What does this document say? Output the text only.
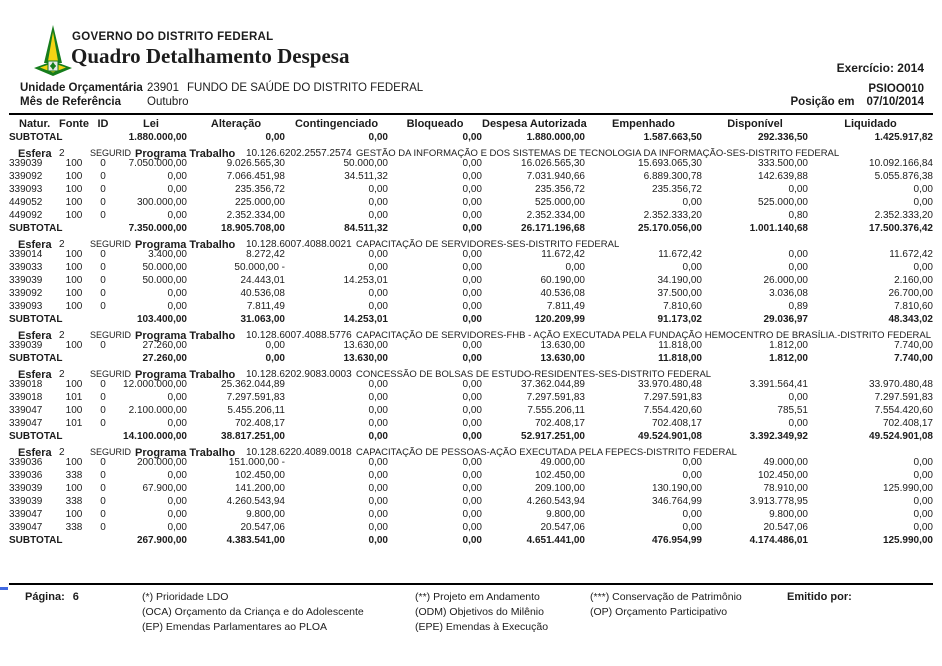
GOVERNO DO DISTRITO FEDERAL
Quadro Detalhamento Despesa	Exercício: 2014
PSIOO010
Posição em 07/10/2014
Unidade Orçamentária 23901 FUNDO DE SAÚDE DO DISTRITO FEDERAL
Mês de Referência Outubro
Natur.	Fonte	ID	Lei	Alteração	Contingenciado	Bloqueado	Despesa Autorizada	Empenhado	Disponível	Liquidado
SUBTOTAL			1.880.000,00	0,00	0,00	0,00	1.880.000,00	1.587.663,50	292.336,50	1.425.917,82

Esfera 2	SEGURID Programa Trabalho 10.126.6202.2557.2574 GESTÃO DA INFORMAÇÃO E DOS SISTEMAS DE TECNOLOGIA DA INFORMAÇÃO-SES-DISTRITO FEDERAL

339039	100	0	7.050.000,00	9.026.565,30	50.000,00	0,00	16.026.565,30	15.693.065,30	333.500,00	10.092.166,84
339092	100	0	0,00	7.066.451,98	34.511,32	0,00	7.031.940,66	6.889.300,78	142.639,88	5.055.876,38
339093	100	0	0,00	235.356,72	0,00	0,00	235.356,72	235.356,72	0,00	0,00
449052	100	0	300.000,00	225.000,00	0,00	0,00	525.000,00	0,00	525.000,00	0,00
449092	100	0	0,00	2.352.334,00	0,00	0,00	2.352.334,00	2.352.333,20	0,80	2.352.333,20
SUBTOTAL			7.350.000,00	18.905.708,00	84.511,32	0,00	26.171.196,68	25.170.056,00	1.001.140,68	17.500.376,42

Esfera 2	SEGURID Programa Trabalho 10.128.6007.4088.0021 CAPACITAÇÃO DE SERVIDORES-SES-DISTRITO FEDERAL

339014	100	0	3.400,00	8.272,42	0,00	0,00	11.672,42	11.672,42	0,00	11.672,42
339033	100	0	50.000,00	50.000,00 -	0,00	0,00	0,00	0,00	0,00	0,00
339039	100	0	50.000,00	24.443,01	14.253,01	0,00	60.190,00	34.190,00	26.000,00	2.160,00
339092	100	0	0,00	40.536,08	0,00	0,00	40.536,08	37.500,00	3.036,08	26.700,00
339093	100	0	0,00	7.811,49	0,00	0,00	7.811,49	7.810,60	0,89	7.810,60
SUBTOTAL			103.400,00	31.063,00	14.253,01	0,00	120.209,99	91.173,02	29.036,97	48.343,02

Esfera 2	SEGURID Programa Trabalho 10.128.6007.4088.5776 CAPACITAÇÃO DE SERVIDORES-FHB - AÇÃO EXECUTADA PELA FUNDAÇÃO HEMOCENTRO DE BRASÍLIA.-DISTRITO FEDERAL

339039	100	0	27.260,00	0,00	13.630,00	0,00	13.630,00	11.818,00	1.812,00	7.740,00
SUBTOTAL			27.260,00	0,00	13.630,00	0,00	13.630,00	11.818,00	1.812,00	7.740,00

Esfera 2	SEGURID Programa Trabalho 10.128.6202.9083.0003 CONCESSÃO DE BOLSAS DE ESTUDO-RESIDENTES-SES-DISTRITO FEDERAL

339018	100	0	12.000.000,00	25.362.044,89	0,00	0,00	37.362.044,89	33.970.480,48	3.391.564,41	33.970.480,48
339018	101	0	0,00	7.297.591,83	0,00	0,00	7.297.591,83	7.297.591,83	0,00	7.297.591,83
339047	100	0	2.100.000,00	5.455.206,11	0,00	0,00	7.555.206,11	7.554.420,60	785,51	7.554.420,60
339047	101	0	0,00	702.408,17	0,00	0,00	702.408,17	702.408,17	0,00	702.408,17
SUBTOTAL			14.100.000,00	38.817.251,00	0,00	0,00	52.917.251,00	49.524.901,08	3.392.349,92	49.524.901,08

Esfera 2	SEGURID Programa Trabalho 10.128.6220.4089.0018 CAPACITAÇÃO DE PESSOAS-AÇÃO EXECUTADA PELA FEPECS-DISTRITO FEDERAL

339036	100	0	200.000,00	151.000,00 -	0,00	0,00	49.000,00	0,00	49.000,00	0,00
339036	338	0	0,00	102.450,00	0,00	0,00	102.450,00	0,00	102.450,00	0,00
339039	100	0	67.900,00	141.200,00	0,00	0,00	209.100,00	130.190,00	78.910,00	125.990,00
339039	338	0	0,00	4.260.543,94	0,00	0,00	4.260.543,94	346.764,99	3.913.778,95	0,00
339047	100	0	0,00	9.800,00	0,00	0,00	9.800,00	0,00	9.800,00	0,00
339047	338	0	0,00	20.547,06	0,00	0,00	20.547,06	0,00	20.547,06	0,00
SUBTOTAL			267.900,00	4.383.541,00	0,00	0,00	4.651.441,00	476.954,99	4.174.486,01	125.990,00
Página: 6	(*) Prioridade LDO
(OCA) Orçamento da Criança e do Adolescente
(EP) Emendas Parlamentares ao PLOA
(**) Projeto em Andamento
(ODM) Objetivos do Milênio
(EPE) Emendas à Execução
(***) Conservação de Patrimônio
(OP) Orçamento Participativo
Emitido por:
